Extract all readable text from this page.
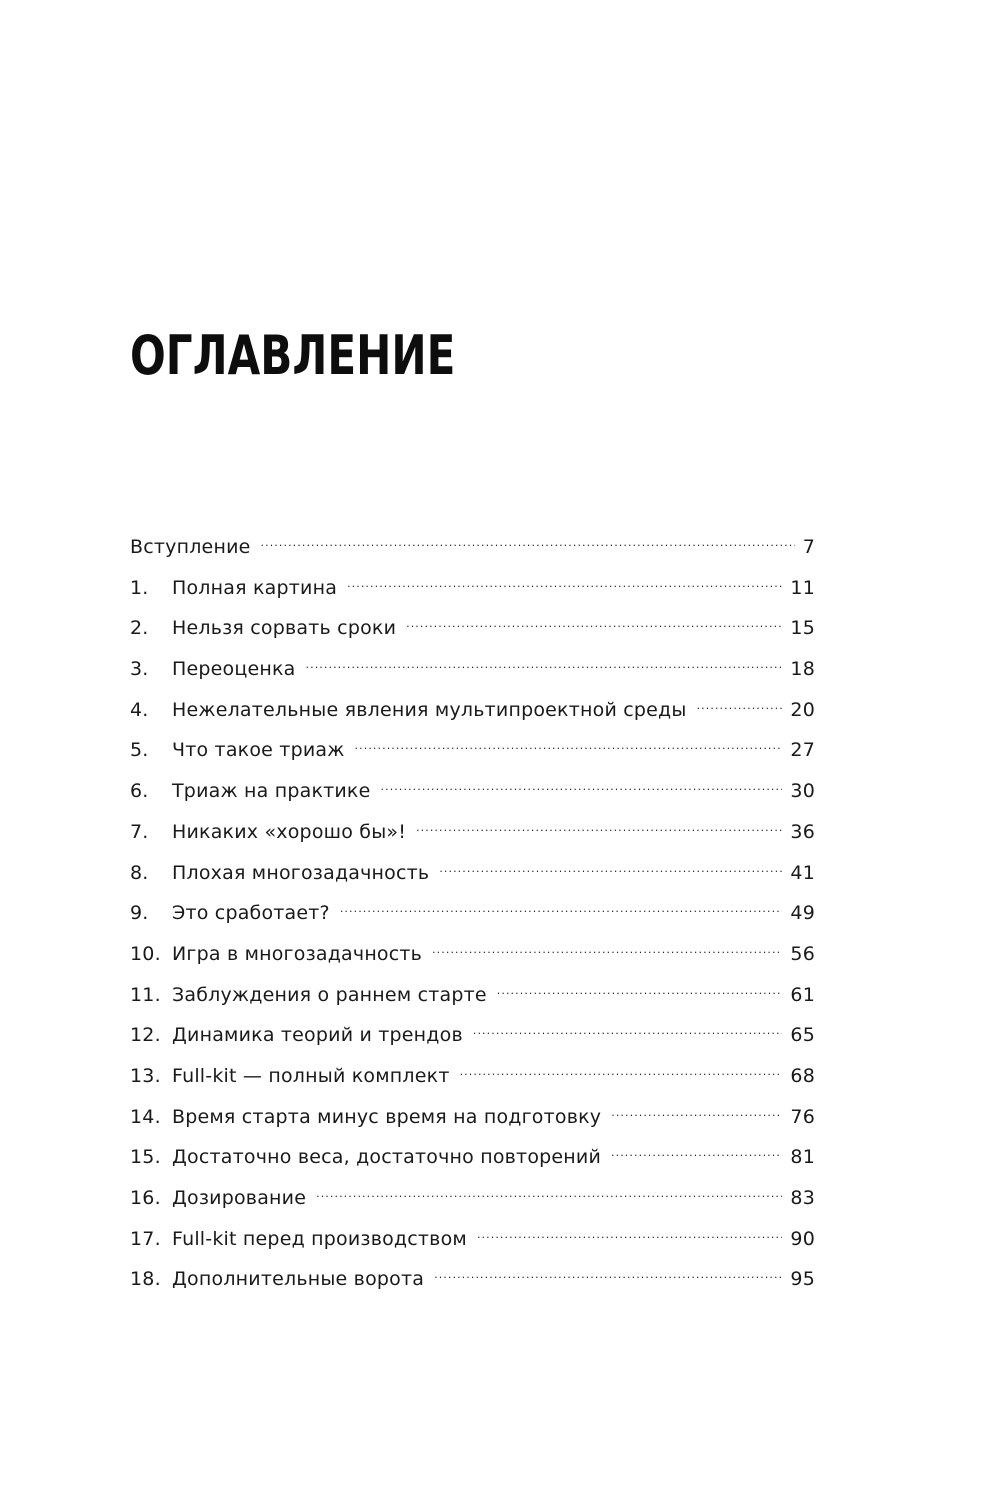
ОГЛАВЛЕНИЕ
Вступление . . .	7
1.	Полная картина . . .	11
2.	Нельзя сорвать сроки . . .	15
3.	Переоценка . . .	18
4.	Нежелательные явления мультипроектной среды . . .	20
5.	Что такое триаж . . .	27
6.	Триаж на практике . . .	30
7.	Никаких «хорошо бы»! . . .	36
8.	Плохая многозадачность . . .	41
9.	Это сработает? . . .	49
10. Игра в многозадачность . . .	56
11. Заблуждения о раннем старте . . .	61
12. Динамика теорий и трендов . . .	65
13. Full-kit — полный комплект . . .	68
14. Время старта минус время на подготовку . . .	76
15. Достаточно веса, достаточно повторений . . .	81
16. Дозирование . . .	83
17. Full-kit перед производством . . .	90
18. Дополнительные ворота . . .	95
